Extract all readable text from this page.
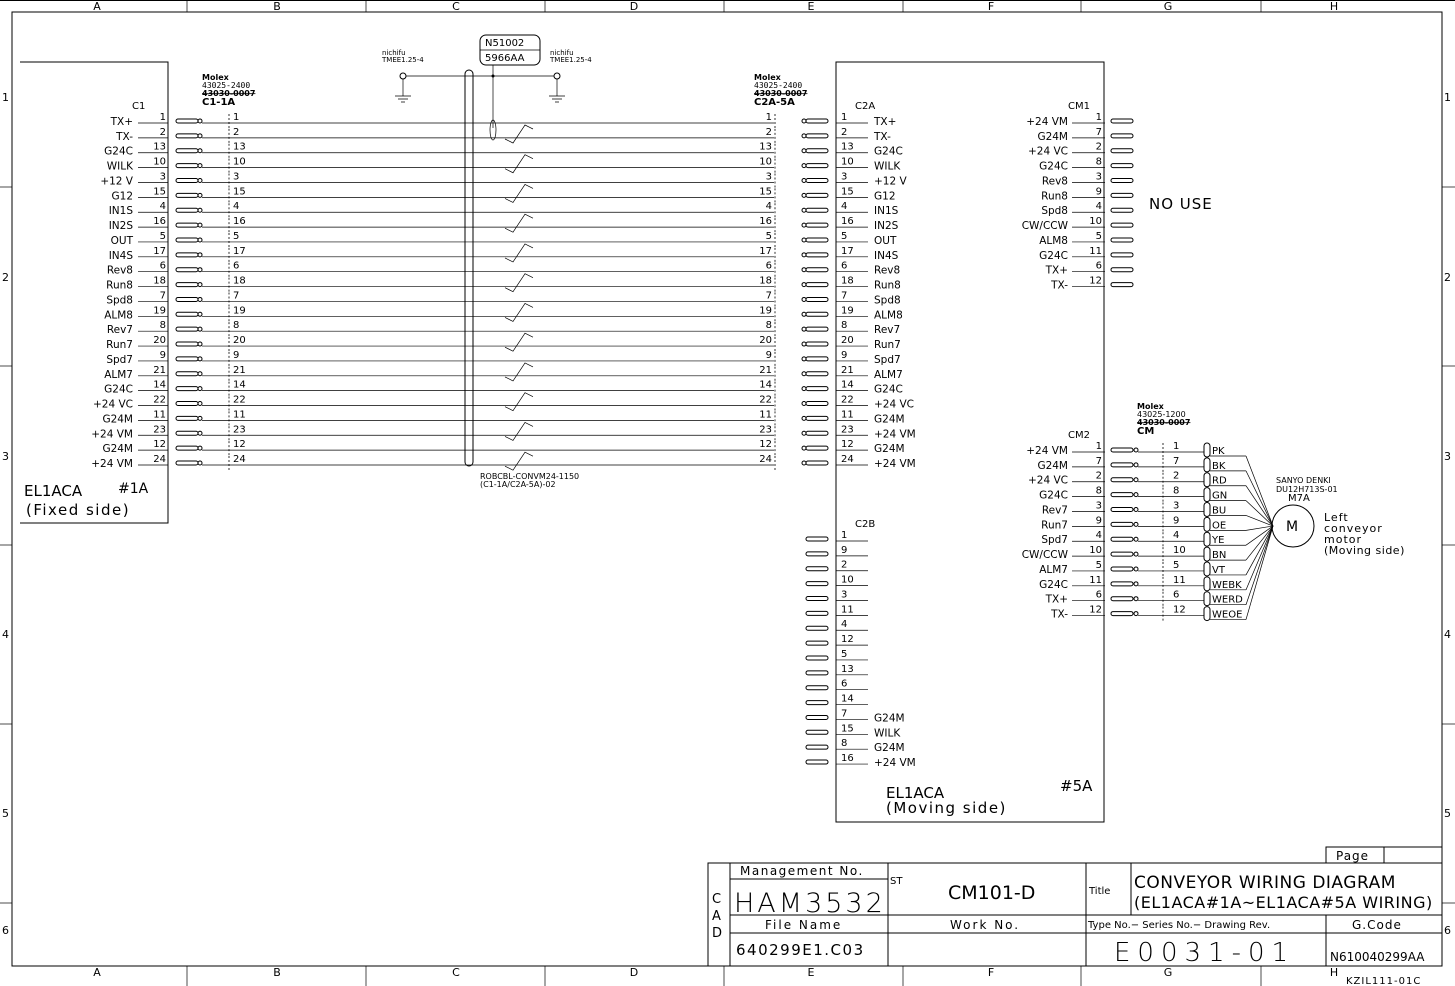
A
A
B
B
C
C
D
D
E
E
F
F
G
G
H
H
1	1
2	2
3	3
4	4
5	5
6	6
EL1ACA	#1A
(Fixed side)
EL1ACA	#5A
(Moving side)
Molex
43025-2400
43030-0007
C1-1A
C1
Molex
43025-2400
43030-0007
C2A-5A	C2A
N51002
5966AA
nichifu
TMEE1.25-4
nichifu
TMEE1.25-4
ROBCBL-CONVM24-1150
(C1-1A/C2A-5A)-02
TX+	1	1	1	1	TX+
TX-	2	2	2	2	TX-
G24C 13	13	13	13 G24C
WILK 10	10	10	10 WILK
+12 V	3	3	3	3	+12 V
G12 15	15	15	15 G12
IN1S	4	4	4	4	IN1S
IN2S 16	16	16	16 IN2S
OUT	5	5	5	5	OUT
IN4S 17	17	17	17 IN4S
Rev8	6	6	6	6	Rev8
Run8 18	18	18	18 Run8
Spd8	7	7	7	7	Spd8
ALM8 19	19	19	19 ALM8
Rev7	8	8	8	8	Rev7
Run7 20	20	20	20 Run7
Spd7	9	9	9	9	Spd7
ALM7 21	21	21	21 ALM7
G24C 14	14	14	14 G24C
+24 VC 22	22	22	22 +24 VC
G24M 11	11	11	11 G24M
+24 VM 23	23	23	23 +24 VM
G24M 12	12	12	12 G24M
+24 VM 24	24	24	24 +24 VM
CM1
NO USE
+24 VM	1
G24M	7
+24 VC	2
G24C	8
Rev8	3
Run8	9
Spd8	4
CW/CCW 10
ALM8	5
G24C 11
TX+	6
TX- 12
Molex
43025-1200
43030-0007
CM
CM2
+24 VM	1	1	PK
G24M	7	7	BK
+24 VC	2	2	RD
G24C	8	8	GN
Rev7	3	3	BU
Run7	9	9	OE
Spd7	4	4	YE
CW/CCW 10	10	BN
ALM7	5	5	VT
G24C 11	11	WEBK
TX+	6	6	WERD
TX- 12	12	WEOE
SANYO DENKI
DU12H713S-01
M7A
M
Left
conveyor
motor
(Moving side)
C2B
1
9
2
10
3
11
4
12
5
13
6
14
7	G24M
15 WILK
8	G24M
16 +24 VM
Page
C
A
D
Management No.
HAM3532
ST
CM101-D	Title CONVEYOR WIRING DIAGRAM
(EL1ACA#1A~EL1ACA#5A WIRING)
File Name
640299E1.C03
Work No.	Type No.− Series No.− Drawing Rev.	G.Code
E0031-01	N610040299AA
KZIL111-01C
